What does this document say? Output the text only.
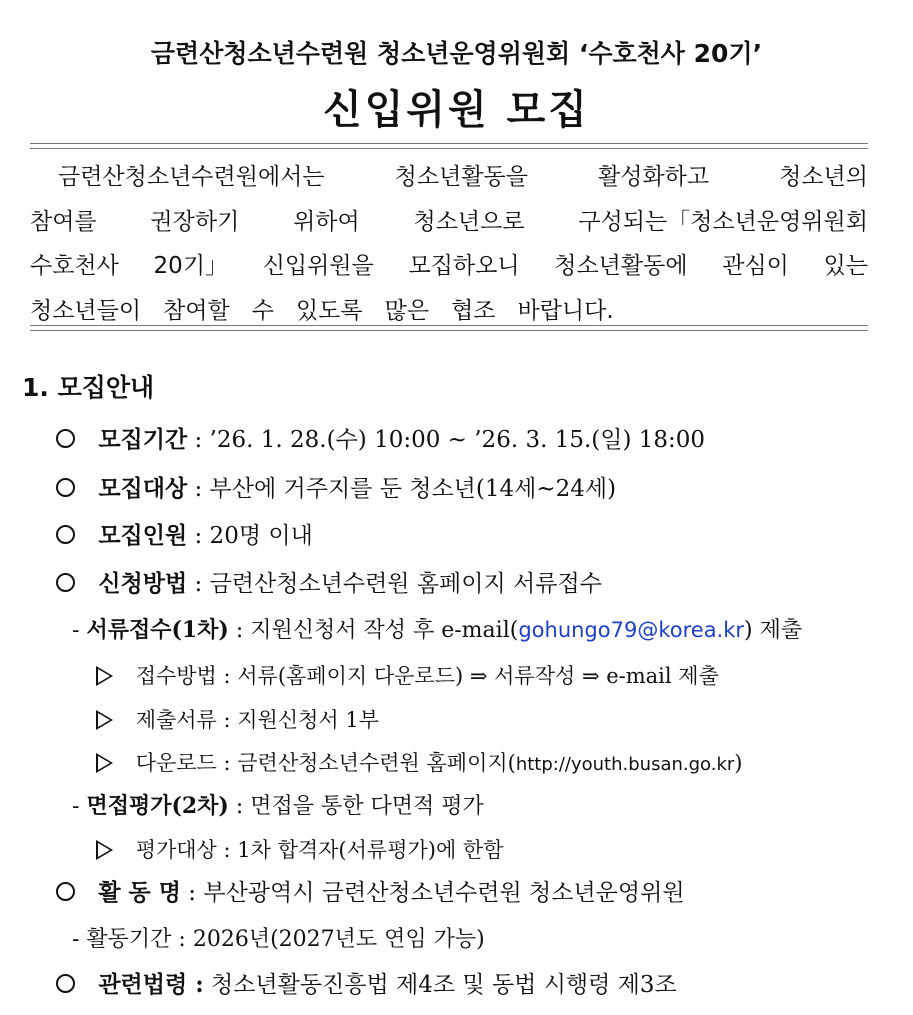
금련산청소년수련원 청소년운영위원회 ‘수호천사 20기’
신입위원 모집
금련산청소년수련원에서는	청소년활동을	활성화하고	청소년의
참여를 권장하기 위하여 청소년으로 구성되는「청소년운영위원회
수호천사 20기」 신입위원을 모집하오니 청소년활동에 관심이 있는
청소년들이 참여할 수 있도록 많은 협조 바랍니다.
1. 모집안내
모집기간 : ’26. 1. 28.(수) 10:00 ~ ’26. 3. 15.(일) 18:00
모집대상 : 부산에 거주지를 둔 청소년(14세~24세)
모집인원 : 20명 이내
신청방법 : 금련산청소년수련원 홈페이지 서류접수
- 서류접수(1차) : 지원신청서 작성 후 e-mail(gohungo79@korea.kr) 제출
접수방법 : 서류(홈페이지 다운로드) ⇒ 서류작성 ⇒ e-mail 제출
제출서류 : 지원신청서 1부
다운로드 : 금련산청소년수련원 홈페이지(http://youth.busan.go.kr)
- 면접평가(2차) : 면접을 통한 다면적 평가
평가대상 : 1차 합격자(서류평가)에 한함
활 동 명 : 부산광역시 금련산청소년수련원 청소년운영위원
- 활동기간 : 2026년(2027년도 연임 가능)
관련법령 : 청소년활동진흥법 제4조 및 동법 시행령 제3조
